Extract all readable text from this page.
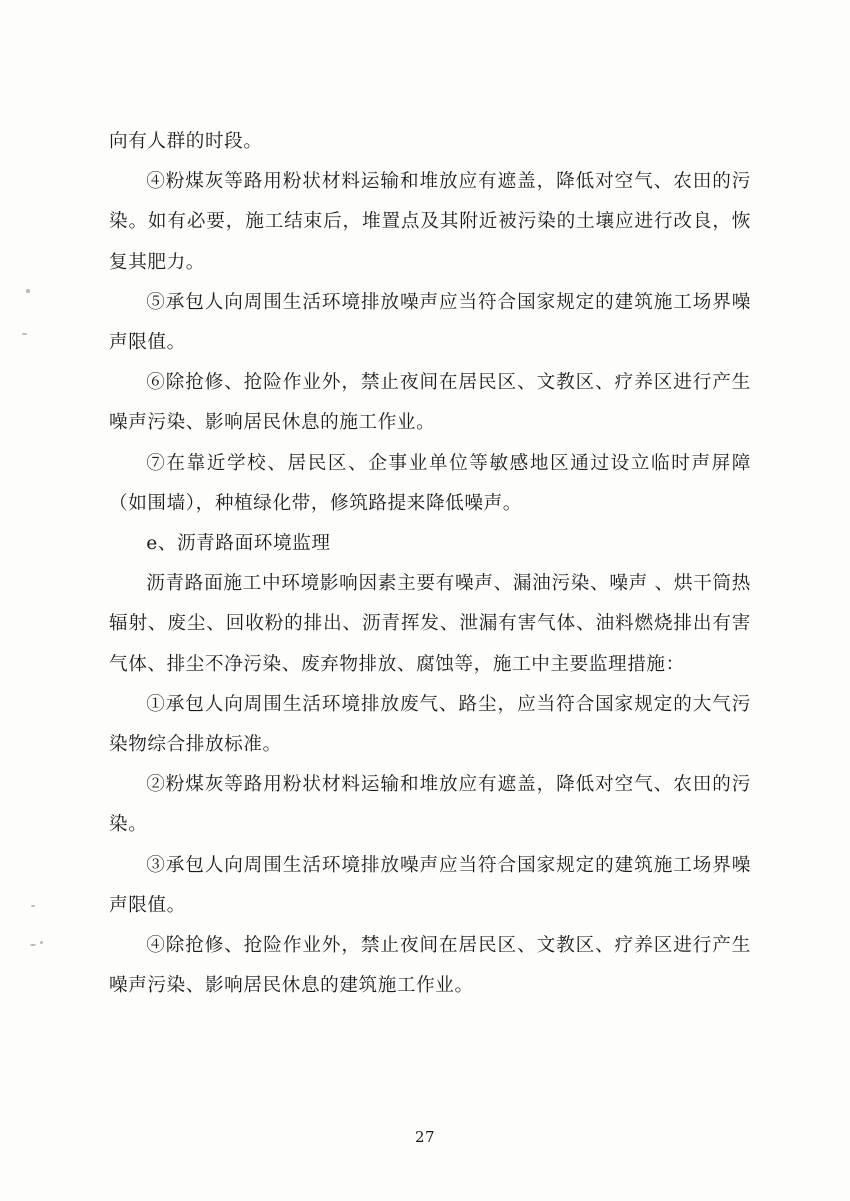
向有人群的时段。

④粉煤灰等路用粉状材料运输和堆放应有遮盖，降低对空气、农田的污染。如有必要，施工结束后，堆置点及其附近被污染的土壤应进行改良，恢复其肥力。

⑤承包人向周围生活环境排放噪声应当符合国家规定的建筑施工场界噪声限值。

⑥除抢修、抢险作业外，禁止夜间在居民区、文教区、疗养区进行产生噪声污染、影响居民休息的施工作业。

⑦在靠近学校、居民区、企事业单位等敏感地区通过设立临时声屏障（如围墙），种植绿化带，修筑路提来降低噪声。

e、沥青路面环境监理

沥青路面施工中环境影响因素主要有噪声、漏油污染、噪声 、烘干筒热辐射、废尘、回收粉的排出、沥青挥发、泄漏有害气体、油料燃烧排出有害气体、排尘不净污染、废弃物排放、腐蚀等，施工中主要监理措施：

①承包人向周围生活环境排放废气、路尘，应当符合国家规定的大气污染物综合排放标准。

②粉煤灰等路用粉状材料运输和堆放应有遮盖，降低对空气、农田的污染。

③承包人向周围生活环境排放噪声应当符合国家规定的建筑施工场界噪声限值。

④除抢修、抢险作业外，禁止夜间在居民区、文教区、疗养区进行产生噪声污染、影响居民休息的建筑施工作业。

27
